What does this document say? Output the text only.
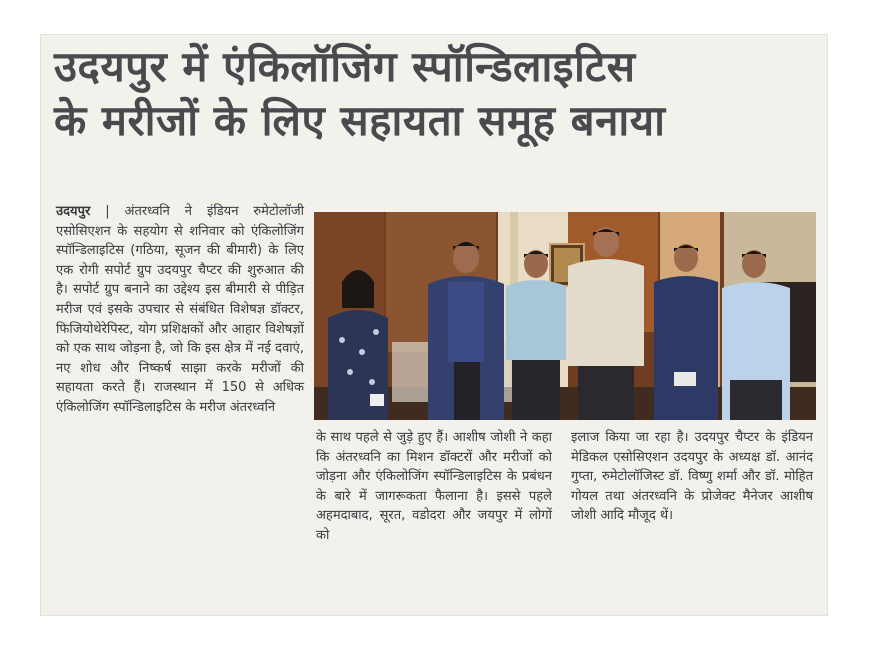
उदयपुर में एंकिलॉजिंग स्पॉन्डिलाइटिस
के मरीजों के लिए सहायता समूह बनाया

उदयपुर | अंतरध्वनि ने इंडियन रुमेटोलॉजी एसोसिएशन के सहयोग से शनिवार को एंकिलोजिंग स्पॉन्डिलाइटिस (गठिया, सूजन की बीमारी) के लिए एक रोगी सपोर्ट ग्रुप उदयपुर चैप्टर की शुरुआत की है। सपोर्ट ग्रुप बनाने का उद्देश्य इस बीमारी से पीड़ित मरीज एवं इसके उपचार से संबंधित विशेषज्ञ डॉक्टर, फिजियोथेरेपिस्ट, योग प्रशिक्षकों और आहार विशेषज्ञों को एक साथ जोड़ना है, जो कि इस क्षेत्र में नई दवाएं, नए शोध और निष्कर्ष साझा करके मरीजों की सहायता करते हैं। राजस्थान में 150 से अधिक एंकिलोजिंग स्पॉन्डिलाइटिस के मरीज अंतरध्वनि

के साथ पहले से जुड़े हुए हैं। आशीष जोशी ने कहा कि अंतरध्वनि का मिशन डॉक्टरों और मरीजों को जोड़ना और एंकिलोजिंग स्पॉन्डिलाइटिस के प्रबंधन के बारे में जागरूकता फैलाना है। इससे पहले अहमदाबाद, सूरत, वडोदरा और जयपुर में लोगों को

इलाज किया जा रहा है। उदयपुर चैप्टर के इंडियन मेडिकल एसोसिएशन उदयपुर के अध्यक्ष डॉ. आनंद गुप्ता, रुमेटोलॉजिस्ट डॉ. विष्णु शर्मा और डॉ. मोहित गोयल तथा अंतरध्वनि के प्रोजेक्ट मैनेजर आशीष जोशी आदि मौजूद थें।
